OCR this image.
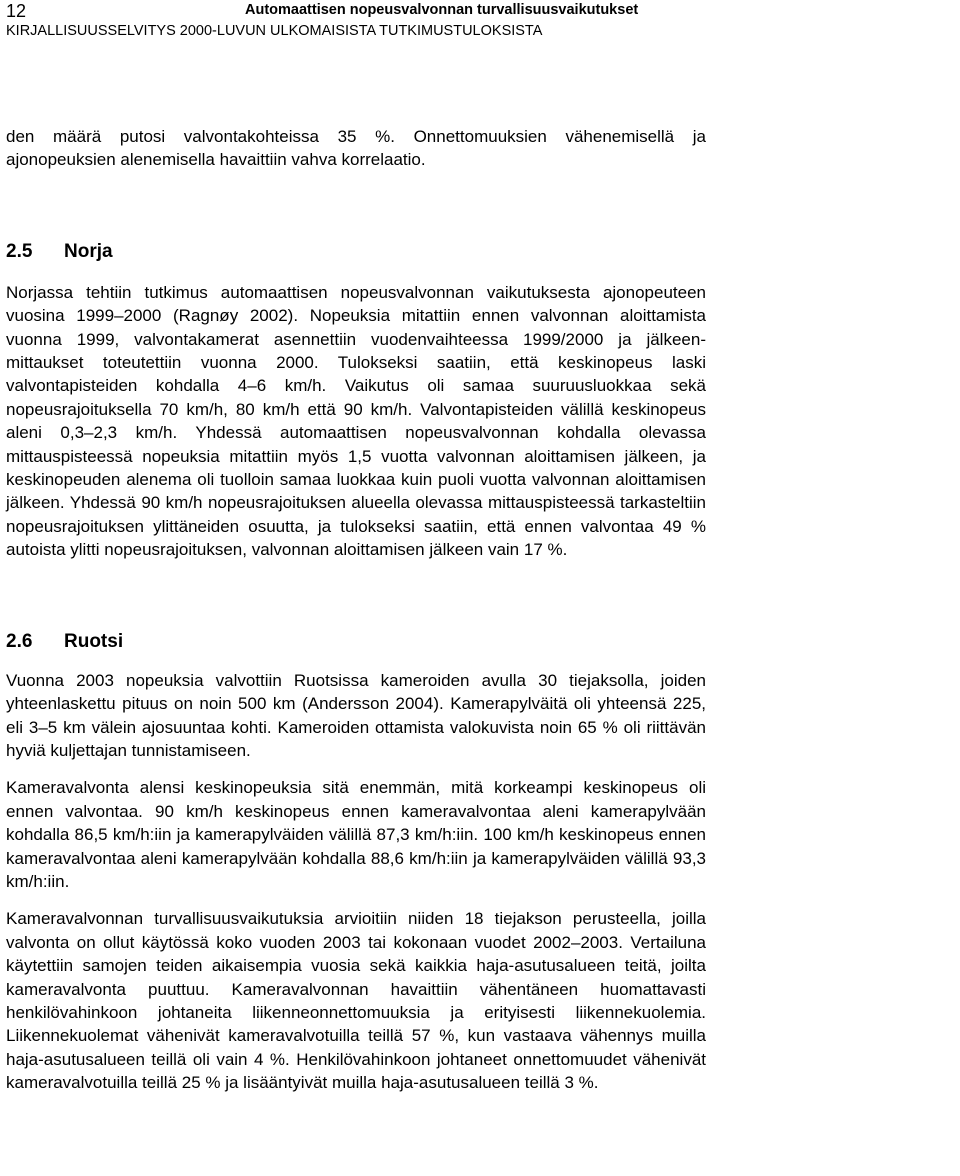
12	Automaattisen nopeusvalvonnan turvallisuusvaikutukset
KIRJALLISUUSSELVITYS 2000-LUVUN ULKOMAISISTA TUTKIMUSTULOKSISTA

den määrä putosi valvontakohteissa 35 %. Onnettomuuksien vähenemisellä ja ajonopeuksien alenemisella havaittiin vahva korrelaatio.

2.5	Norja

Norjassa tehtiin tutkimus automaattisen nopeusvalvonnan vaikutuksesta ajonopeuteen vuosina 1999–2000 (Ragnøy 2002). Nopeuksia mitattiin ennen valvonnan aloittamista vuonna 1999, valvontakamerat asennettiin vuodenvaihteessa 1999/2000 ja jälkeen-mittaukset toteutettiin vuonna 2000. Tulokseksi saatiin, että keskinopeus laski valvontapisteiden kohdalla 4–6 km/h. Vaikutus oli samaa suuruusluokkaa sekä nopeusrajoituksella 70 km/h, 80 km/h että 90 km/h. Valvontapisteiden välillä keskinopeus aleni 0,3–2,3 km/h. Yhdessä automaattisen nopeusvalvonnan kohdalla olevassa mittauspisteessä nopeuksia mitattiin myös 1,5 vuotta valvonnan aloittamisen jälkeen, ja keskinopeuden alenema oli tuolloin samaa luokkaa kuin puoli vuotta valvonnan aloittamisen jälkeen. Yhdessä 90 km/h nopeusrajoituksen alueella olevassa mittauspisteessä tarkasteltiin nopeusrajoituksen ylittäneiden osuutta, ja tulokseksi saatiin, että ennen valvontaa 49 % autoista ylitti nopeusrajoituksen, valvonnan aloittamisen jälkeen vain 17 %.

2.6	Ruotsi

Vuonna 2003 nopeuksia valvottiin Ruotsissa kameroiden avulla 30 tiejaksolla, joiden yhteenlaskettu pituus on noin 500 km (Andersson 2004). Kamerapylväitä oli yhteensä 225, eli 3–5 km välein ajosuuntaa kohti. Kameroiden ottamista valokuvista noin 65 % oli riittävän hyviä kuljettajan tunnistamiseen.

Kameravalvonta alensi keskinopeuksia sitä enemmän, mitä korkeampi keskinopeus oli ennen valvontaa. 90 km/h keskinopeus ennen kameravalvontaa aleni kamerapylvään kohdalla 86,5 km/h:iin ja kamerapylväiden välillä 87,3 km/h:iin. 100 km/h keskinopeus ennen kameravalvontaa aleni kamerapylvään kohdalla 88,6 km/h:iin ja kamerapylväiden välillä 93,3 km/h:iin.

Kameravalvonnan turvallisuusvaikutuksia arvioitiin niiden 18 tiejakson perusteella, joilla valvonta on ollut käytössä koko vuoden 2003 tai kokonaan vuodet 2002–2003. Vertailuna käytettiin samojen teiden aikaisempia vuosia sekä kaikkia haja-asutusalueen teitä, joilta kameravalvonta puuttuu. Kameravalvonnan havaittiin vähentäneen huomattavasti henkilövahinkoon johtaneita liikenneonnettomuuksia ja erityisesti liikennekuolemia. Liikennekuolemat vähenivät kameravalvotuilla teillä 57 %, kun vastaava vähennys muilla haja-asutusalueen teillä oli vain 4 %. Henkilövahinkoon johtaneet onnettomuudet vähenivät kameravalvotuilla teillä 25 % ja lisääntyivät muilla haja-asutusalueen teillä 3 %.
